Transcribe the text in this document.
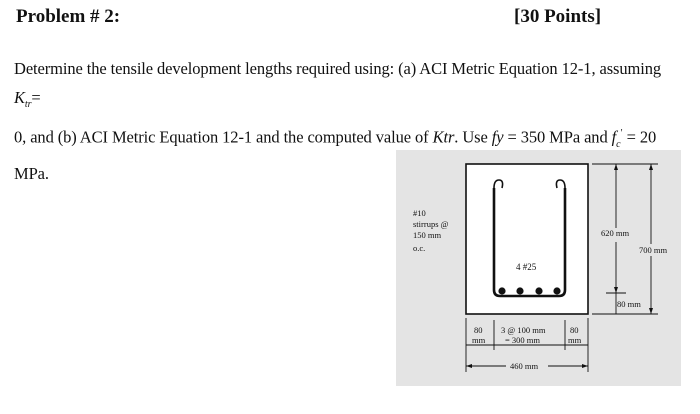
Problem # 2:	[30 Points]
Determine the tensile development lengths required using: (a) ACI Metric Equation 12-1, assuming $K_{tr}=$
0, and (b) ACI Metric Equation 12-1 and the computed value of Ktr. Use fy = 350 MPa and $f_c' = 20$ MPa.
4 #25
#10 stirrups @ 150 mm o.c.
620 mm
700 mm
80 mm
80 mm
3 @ 100 mm = 300 mm
80 mm
460 mm
